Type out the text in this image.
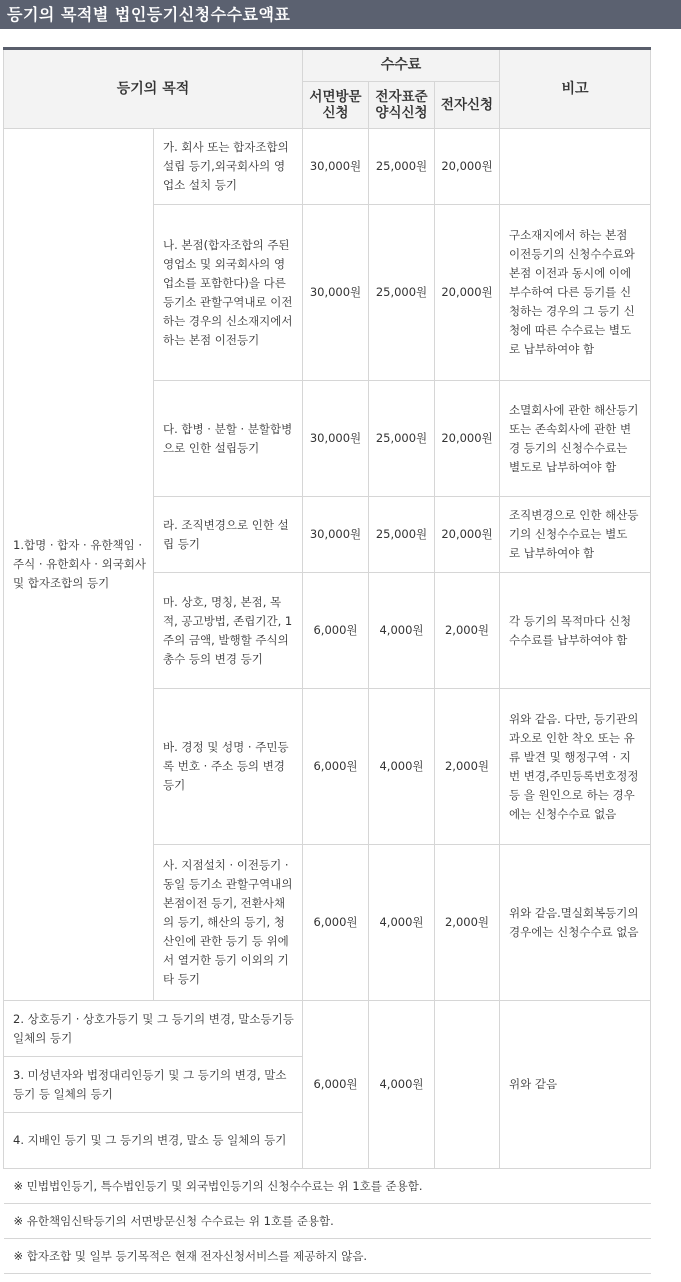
등기의 목적별 법인등기신청수수료액표
등기의 목적		수수료			비고
		서면방문 신청	전자표준 양식신청	전자신청	
1.합명 · 합자 · 유한책임 · 주식 · 유한회사 · 외국회사 및 합자조합의 등기	가. 회사 또는 합자조합의 설립 등기,외국회사의 영업소 설치 등기	30,000원	25,000원	20,000원	
	나. 본점(합자조합의 주된 영업소 및 외국회사의 영업소를 포함한다)을 다른 등기소 관할구역내로 이전하는 경우의 신소재지에서 하는 본점 이전등기	30,000원	25,000원	20,000원	구소재지에서 하는 본점 이전등기의 신청수수료와 본점 이전과 동시에 이에 부수하여 다른 등기를 신청하는 경우의 그 등기 신청에 따른 수수료는 별도로 납부하여야 함
	다. 합병 · 분할 · 분할합병으로 인한 설립등기	30,000원	25,000원	20,000원	소멸회사에 관한 해산등기 또는 존속회사에 관한 변경 등기의 신청수수료는 별도로 납부하여야 함
	라. 조직변경으로 인한 설립 등기	30,000원	25,000원	20,000원	조직변경으로 인한 해산등기의 신청수수료는 별도 로 납부하여야 함
	마. 상호, 명칭, 본점, 목적, 공고방법, 존립기간, 1주의 금액, 발행할 주식의 총수 등의 변경 등기	6,000원	4,000원	2,000원	각 등기의 목적마다 신청 수수료를 납부하여야 함
	바. 경정 및 성명 · 주민등록 번호 · 주소 등의 변경 등기	6,000원	4,000원	2,000원	위와 같음. 다만, 등기관의 과오로 인한 착오 또는 유류 발견 및 행정구역 · 지번 변경,주민등록번호정정 등 을 원인으로 하는 경우에는 신청수수료 없음
	사. 지점설치 · 이전등기 · 동일 등기소 관할구역내의 본점이전 등기, 전환사채의 등기, 해산의 등기, 청산인에 관한 등기 등 위에서 열거한 등기 이외의 기타 등기	6,000원	4,000원	2,000원	위와 같음.멸실회복등기의 경우에는 신청수수료 없음
2. 상호등기 · 상호가등기 및 그 등기의 변경, 말소등기등 일체의 등기		6,000원	4,000원		위와 같음
3. 미성년자와 법정대리인등기 및 그 등기의 변경, 말소등기 등 일체의 등기					
4. 지배인 등기 및 그 등기의 변경, 말소 등 일체의 등기					
※ 민법법인등기, 특수법인등기 및 외국법인등기의 신청수수료는 위 1호를 준용함.					
※ 유한책임신탁등기의 서면방문신청 수수료는 위 1호를 준용함.					
※ 합자조합 및 일부 등기목적은 현재 전자신청서비스를 제공하지 않음.					
